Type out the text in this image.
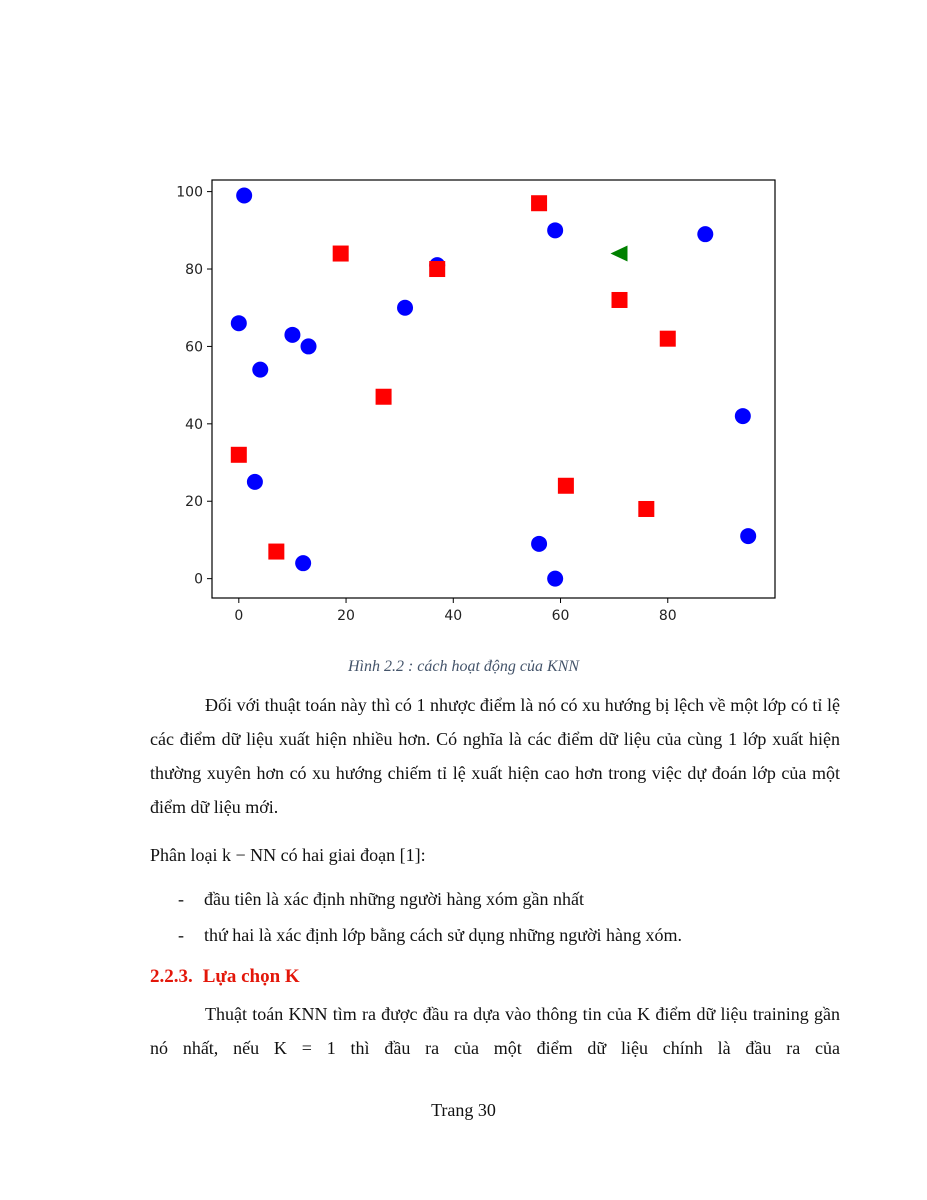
0	20	40	60	80
0
20
40
60
80
100
Hình 2.2 : cách hoạt động của KNN

Đối với thuật toán này thì có 1 nhược điểm là nó có xu hướng bị lệch về một lớp có tỉ lệ các điểm dữ liệu xuất hiện nhiều hơn. Có nghĩa là các điểm dữ liệu của cùng 1 lớp xuất hiện thường xuyên hơn có xu hướng chiếm tỉ lệ xuất hiện cao hơn trong việc dự đoán lớp của một điểm dữ liệu mới.

Phân loại k − NN có hai giai đoạn [1]:

- đầu tiên là xác định những người hàng xóm gần nhất
- thứ hai là xác định lớp bằng cách sử dụng những người hàng xóm.
2.2.3. Lựa chọn K

Thuật toán KNN tìm ra được đầu ra dựa vào thông tin của K điểm dữ liệu training gần nó nhất, nếu K = 1 thì đầu ra của một điểm dữ liệu chính là đầu ra của

Trang 30
